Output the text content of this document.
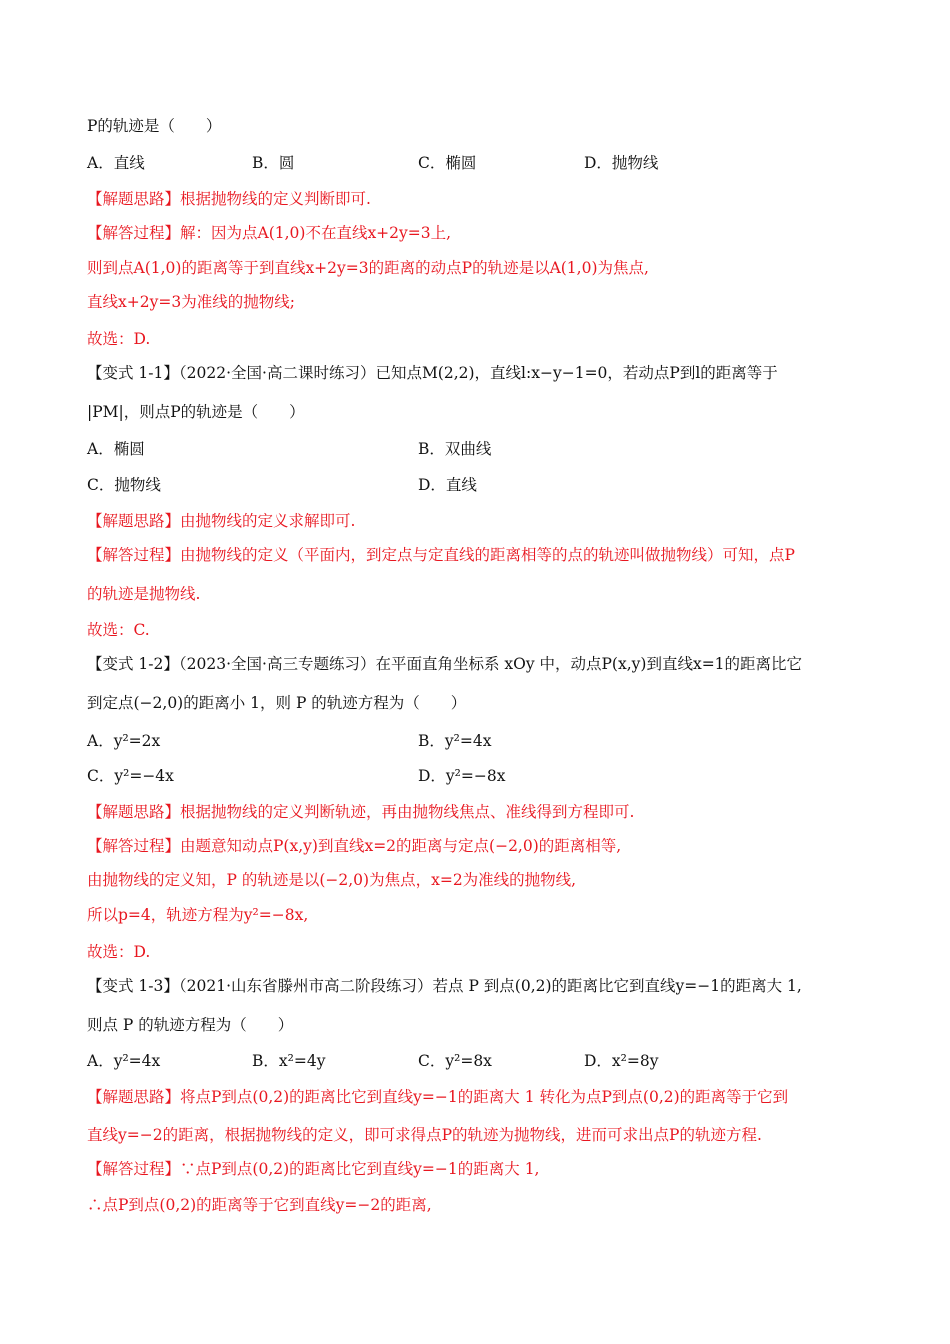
P的轨迹是（　　）
A．直线	B．圆	C．椭圆	D．抛物线
【解题思路】根据抛物线的定义判断即可.
【解答过程】解：因为点A(1,0)不在直线x+2y=3上,
则到点A(1,0)的距离等于到直线x+2y=3的距离的动点P的轨迹是以A(1,0)为焦点,
直线x+2y=3为准线的抛物线;
故选：D.
【变式 1-1】（2022·全国·高二课时练习）已知点M(2,2)，直线l:x−y−1=0，若动点P到l的距离等于
|PM|，则点P的轨迹是（　　）
A．椭圆	B．双曲线
C．抛物线	D．直线
【解题思路】由抛物线的定义求解即可.
【解答过程】由抛物线的定义（平面内，到定点与定直线的距离相等的点的轨迹叫做抛物线）可知，点P
的轨迹是抛物线.
故选：C.
【变式 1-2】（2023·全国·高三专题练习）在平面直角坐标系 xOy 中，动点P(x,y)到直线x=1的距离比它
到定点(−2,0)的距离小 1，则 P 的轨迹方程为（　　）
A．y²=2x	B．y²=4x
C．y²=−4x	D．y²=−8x
【解题思路】根据抛物线的定义判断轨迹，再由抛物线焦点、准线得到方程即可.
【解答过程】由题意知动点P(x,y)到直线x=2的距离与定点(−2,0)的距离相等,
由抛物线的定义知，P 的轨迹是以(−2,0)为焦点，x=2为准线的抛物线,
所以p=4，轨迹方程为y²=−8x,
故选：D.
【变式 1-3】（2021·山东省滕州市高二阶段练习）若点 P 到点(0,2)的距离比它到直线y=−1的距离大 1,
则点 P 的轨迹方程为（　　）
A．y²=4x	B．x²=4y	C．y²=8x	D．x²=8y
【解题思路】将点P到点(0,2)的距离比它到直线y=−1的距离大 1 转化为点P到点(0,2)的距离等于它到
直线y=−2的距离，根据抛物线的定义，即可求得点P的轨迹为抛物线，进而可求出点P的轨迹方程.
【解答过程】∵点P到点(0,2)的距离比它到直线y=−1的距离大 1,
∴点P到点(0,2)的距离等于它到直线y=−2的距离,
